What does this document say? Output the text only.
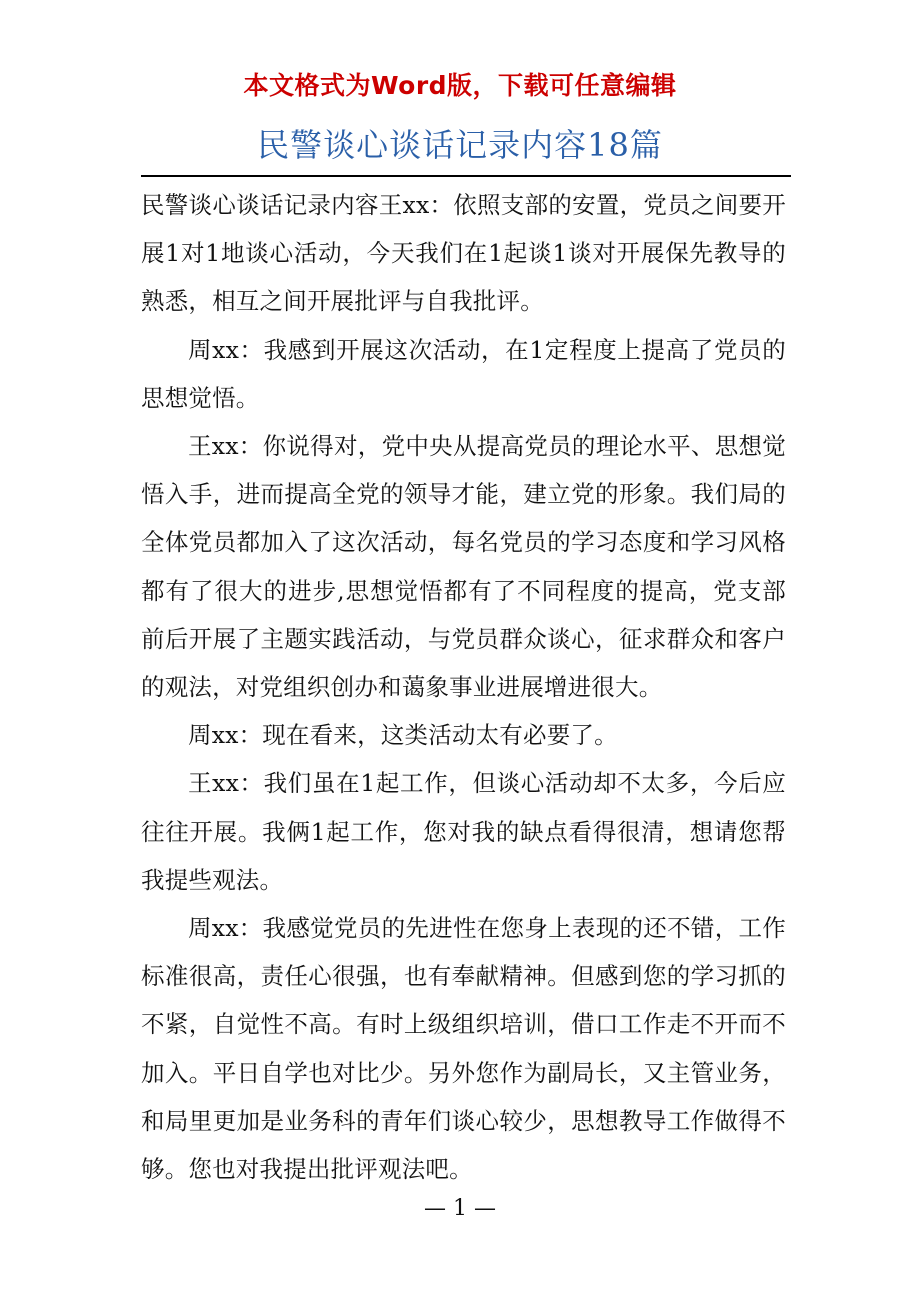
本文格式为Word版，下载可任意编辑
民警谈心谈话记录内容18篇

民警谈心谈话记录内容王xx：依照支部的安置，党员之间要开展1对1地谈心活动，今天我们在1起谈1谈对开展保先教导的熟悉，相互之间开展批评与自我批评。

周xx：我感到开展这次活动，在1定程度上提高了党员的思想觉悟。

王xx：你说得对，党中央从提高党员的理论水平、思想觉悟入手，进而提高全党的领导才能，建立党的形象。我们局的全体党员都加入了这次活动，每名党员的学习态度和学习风格都有了很大的进步,思想觉悟都有了不同程度的提高，党支部前后开展了主题实践活动，与党员群众谈心，征求群众和客户的观法，对党组织创办和蔼象事业进展增进很大。

周xx：现在看来，这类活动太有必要了。

王xx：我们虽在1起工作，但谈心活动却不太多，今后应往往开展。我俩1起工作，您对我的缺点看得很清，想请您帮我提些观法。

周xx：我感觉党员的先进性在您身上表现的还不错，工作标准很高，责任心很强，也有奉献精神。但感到您的学习抓的不紧，自觉性不高。有时上级组织培训，借口工作走不开而不加入。平日自学也对比少。另外您作为副局长，又主管业务，和局里更加是业务科的青年们谈心较少，思想教导工作做得不够。您也对我提出批评观法吧。

— 1 —
